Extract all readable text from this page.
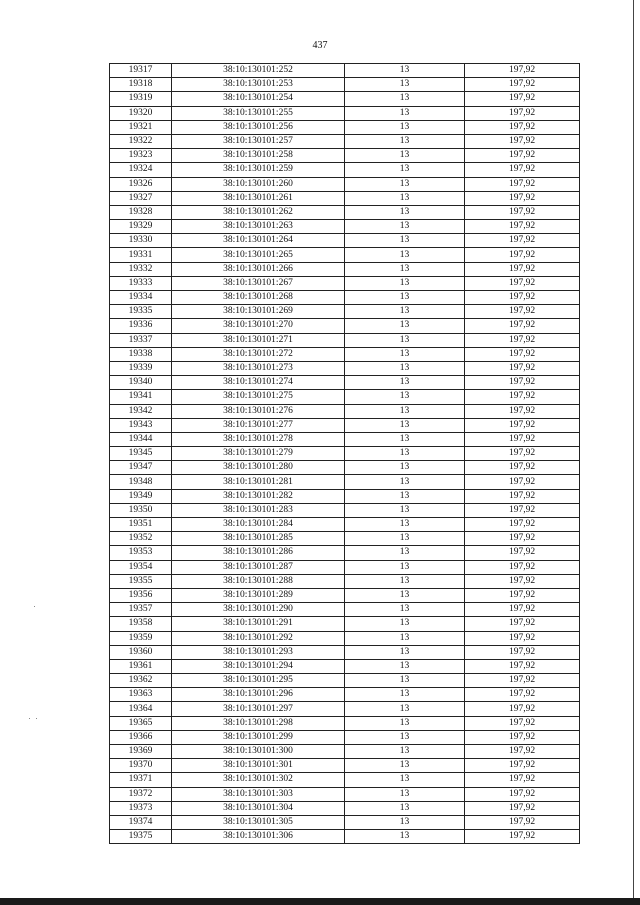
437
19317	38:10:130101:252	13	197,92
19318	38:10:130101:253	13	197,92
19319	38:10:130101:254	13	197,92
19320	38:10:130101:255	13	197,92
19321	38:10:130101:256	13	197,92
19322	38:10:130101:257	13	197,92
19323	38:10:130101:258	13	197,92
19324	38:10:130101:259	13	197,92
19326	38:10:130101:260	13	197,92
19327	38:10:130101:261	13	197,92
19328	38:10:130101:262	13	197,92
19329	38:10:130101:263	13	197,92
19330	38:10:130101:264	13	197,92
19331	38:10:130101:265	13	197,92
19332	38:10:130101:266	13	197,92
19333	38:10:130101:267	13	197,92
19334	38:10:130101:268	13	197,92
19335	38:10:130101:269	13	197,92
19336	38:10:130101:270	13	197,92
19337	38:10:130101:271	13	197,92
19338	38:10:130101:272	13	197,92
19339	38:10:130101:273	13	197,92
19340	38:10:130101:274	13	197,92
19341	38:10:130101:275	13	197,92
19342	38:10:130101:276	13	197,92
19343	38:10:130101:277	13	197,92
19344	38:10:130101:278	13	197,92
19345	38:10:130101:279	13	197,92
19347	38:10:130101:280	13	197,92
19348	38:10:130101:281	13	197,92
19349	38:10:130101:282	13	197,92
19350	38:10:130101:283	13	197,92
19351	38:10:130101:284	13	197,92
19352	38:10:130101:285	13	197,92
19353	38:10:130101:286	13	197,92
19354	38:10:130101:287	13	197,92
19355	38:10:130101:288	13	197,92
19356	38:10:130101:289	13	197,92
19357	38:10:130101:290	13	197,92
19358	38:10:130101:291	13	197,92
19359	38:10:130101:292	13	197,92
19360	38:10:130101:293	13	197,92
19361	38:10:130101:294	13	197,92
19362	38:10:130101:295	13	197,92
19363	38:10:130101:296	13	197,92
19364	38:10:130101:297	13	197,92
19365	38:10:130101:298	13	197,92
19366	38:10:130101:299	13	197,92
19369	38:10:130101:300	13	197,92
19370	38:10:130101:301	13	197,92
19371	38:10:130101:302	13	197,92
19372	38:10:130101:303	13	197,92
19373	38:10:130101:304	13	197,92
19374	38:10:130101:305	13	197,92
19375	38:10:130101:306	13	197,92
